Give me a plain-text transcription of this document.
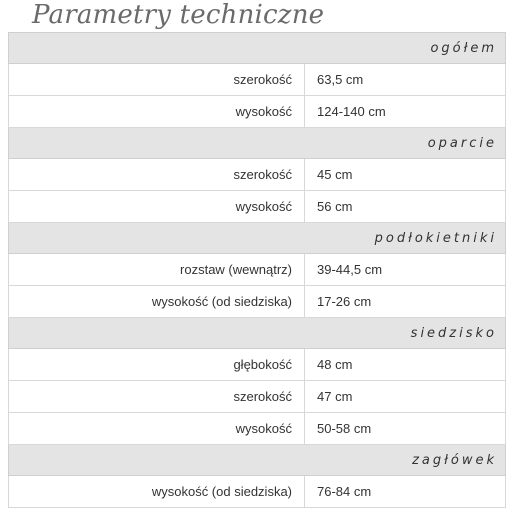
Parametry techniczne
ogółem
szerokość	63,5 cm
wysokość	124-140 cm
oparcie
szerokość	45 cm
wysokość	56 cm
podłokietniki
rozstaw (wewnątrz)	39-44,5 cm
wysokość (od siedziska)	17-26 cm
siedzisko
głębokość	48 cm
szerokość	47 cm
wysokość	50-58 cm
zagłówek
wysokość (od siedziska)	76-84 cm
